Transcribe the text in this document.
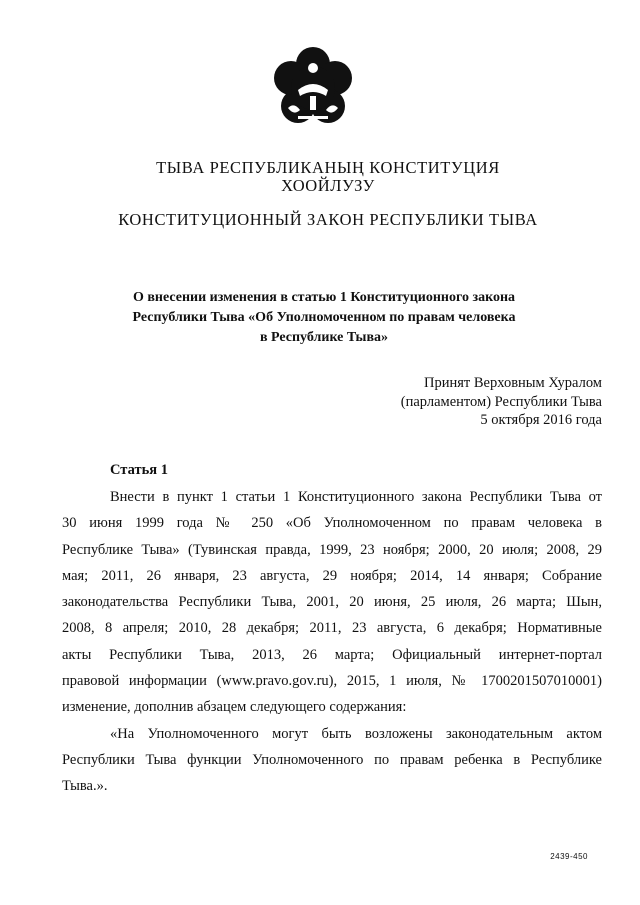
ТЫВА РЕСПУБЛИКАНЫҢ КОНСТИТУЦИЯ
ХООЙЛУЗУ
КОНСТИТУЦИОННЫЙ ЗАКОН РЕСПУБЛИКИ ТЫВА
О внесении изменения в статью 1 Конституционного закона
Республики Тыва «Об Уполномоченном по правам человека
в Республике Тыва»
Принят Верховным Хуралом
(парламентом) Республики Тыва
5 октября 2016 года
Статья 1
Внести в пункт 1 статьи 1 Конституционного закона Республики Тыва от
30 июня 1999 года № 250 «Об Уполномоченном по правам человека в
Республике Тыва» (Тувинская правда, 1999, 23 ноября; 2000, 20 июля; 2008, 29
мая; 2011, 26 января, 23 августа, 29 ноября; 2014, 14 января; Собрание
законодательства Республики Тыва, 2001, 20 июня, 25 июля, 26 марта; Шын,
2008, 8 апреля; 2010, 28 декабря; 2011, 23 августа, 6 декабря; Нормативные
акты Республики Тыва, 2013, 26 марта; Официальный интернет-портал
правовой информации (www.pravo.gov.ru), 2015, 1 июля, № 1700201507010001)
изменение, дополнив абзацем следующего содержания:
«На Уполномоченного могут быть возложены законодательным актом
Республики Тыва функции Уполномоченного по правам ребенка в Республике
Тыва.».
2439-450
